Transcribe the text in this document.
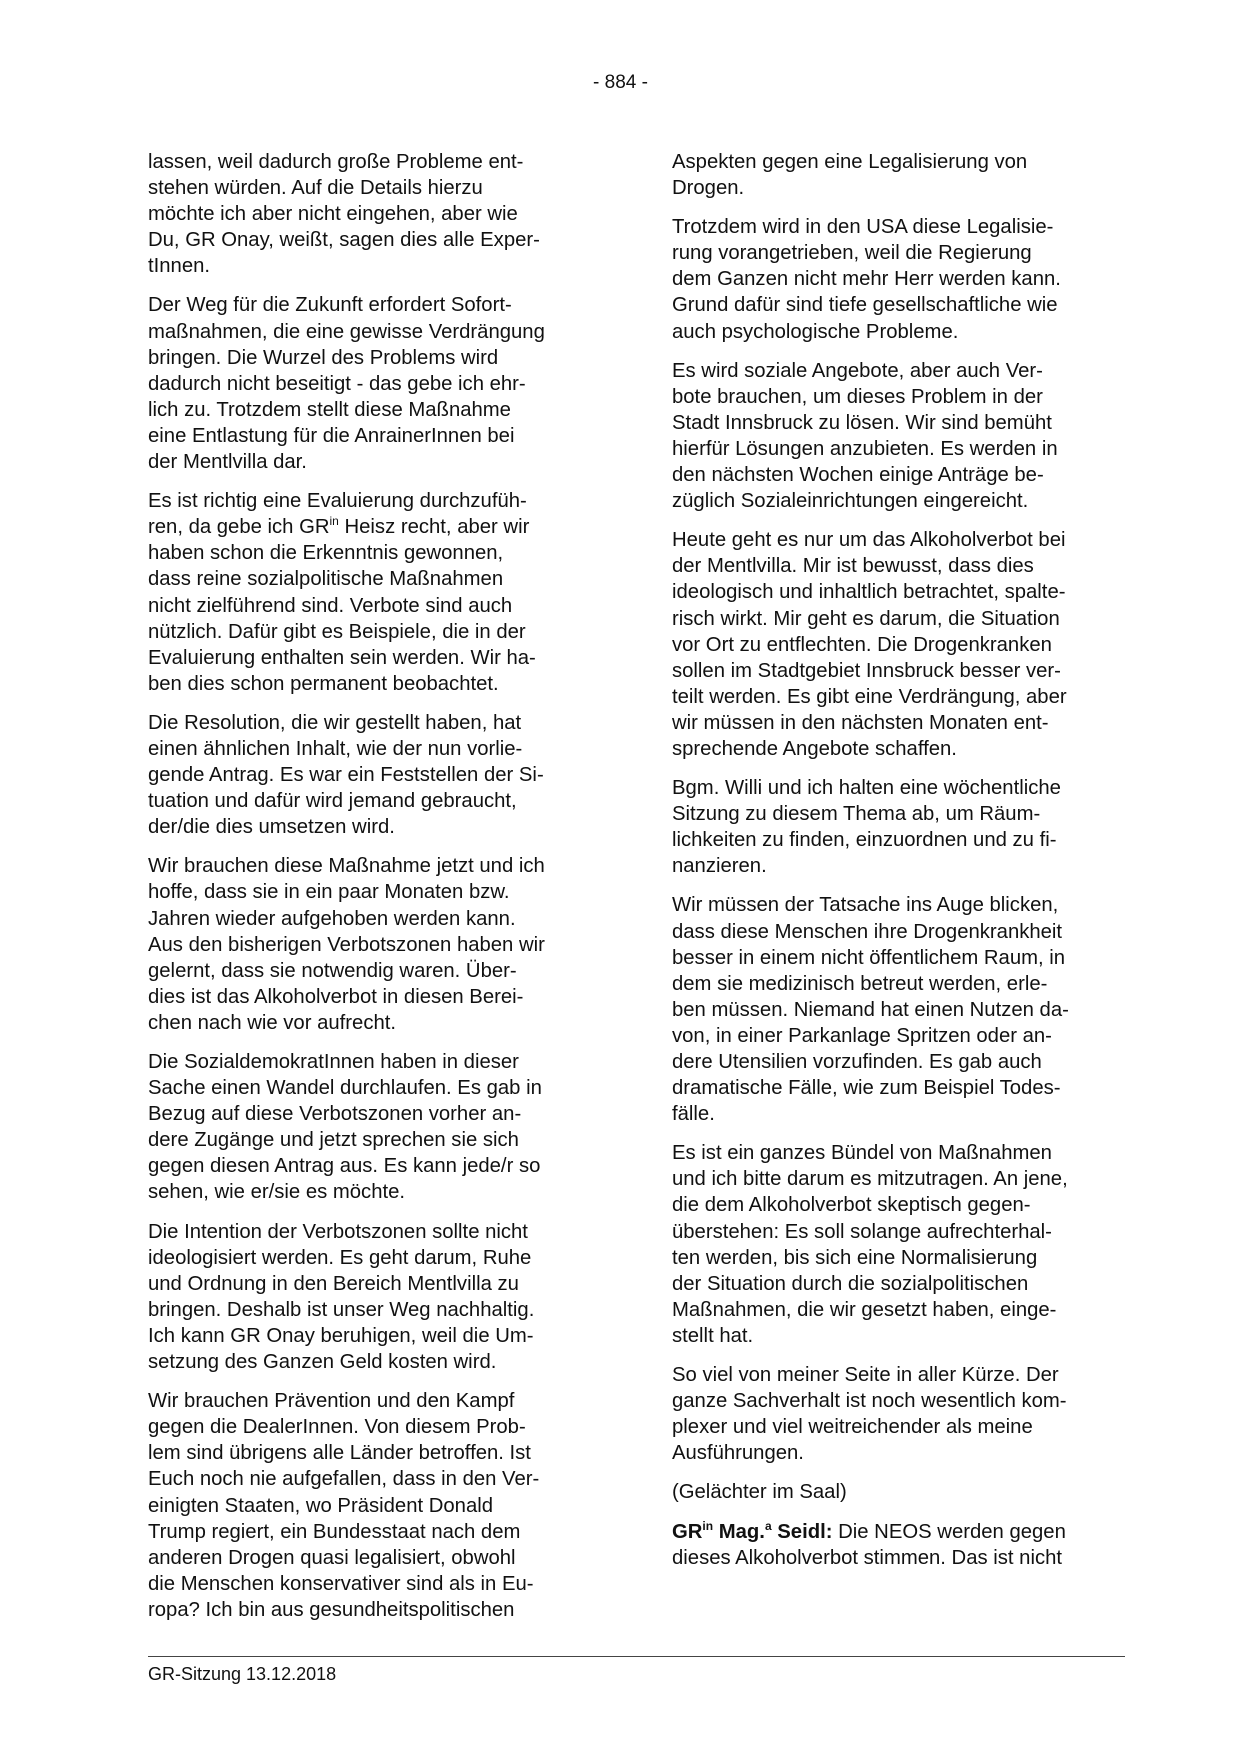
- 884 -

lassen, weil dadurch große Probleme ent-
stehen würden. Auf die Details hierzu
möchte ich aber nicht eingehen, aber wie
Du, GR Onay, weißt, sagen dies alle Exper-
tInnen.

Der Weg für die Zukunft erfordert Sofort-
maßnahmen, die eine gewisse Verdrängung
bringen. Die Wurzel des Problems wird
dadurch nicht beseitigt - das gebe ich ehr-
lich zu. Trotzdem stellt diese Maßnahme
eine Entlastung für die AnrainerInnen bei
der Mentlvilla dar.

Es ist richtig eine Evaluierung durchzufüh-
ren, da gebe ich $GR^{in}$ Heisz recht, aber wir
haben schon die Erkenntnis gewonnen,
dass reine sozialpolitische Maßnahmen
nicht zielführend sind. Verbote sind auch
nützlich. Dafür gibt es Beispiele, die in der
Evaluierung enthalten sein werden. Wir ha-
ben dies schon permanent beobachtet.

Die Resolution, die wir gestellt haben, hat
einen ähnlichen Inhalt, wie der nun vorlie-
gende Antrag. Es war ein Feststellen der Si-
tuation und dafür wird jemand gebraucht,
der/die dies umsetzen wird.

Wir brauchen diese Maßnahme jetzt und ich
hoffe, dass sie in ein paar Monaten bzw.
Jahren wieder aufgehoben werden kann.
Aus den bisherigen Verbotszonen haben wir
gelernt, dass sie notwendig waren. Über-
dies ist das Alkoholverbot in diesen Berei-
chen nach wie vor aufrecht.

Die SozialdemokratInnen haben in dieser
Sache einen Wandel durchlaufen. Es gab in
Bezug auf diese Verbotszonen vorher an-
dere Zugänge und jetzt sprechen sie sich
gegen diesen Antrag aus. Es kann jede/r so
sehen, wie er/sie es möchte.

Die Intention der Verbotszonen sollte nicht
ideologisiert werden. Es geht darum, Ruhe
und Ordnung in den Bereich Mentlvilla zu
bringen. Deshalb ist unser Weg nachhaltig.
Ich kann GR Onay beruhigen, weil die Um-
setzung des Ganzen Geld kosten wird.

Wir brauchen Prävention und den Kampf
gegen die DealerInnen. Von diesem Prob-
lem sind übrigens alle Länder betroffen. Ist
Euch noch nie aufgefallen, dass in den Ver-
einigten Staaten, wo Präsident Donald
Trump regiert, ein Bundesstaat nach dem
anderen Drogen quasi legalisiert, obwohl
die Menschen konservativer sind als in Eu-
ropa? Ich bin aus gesundheitspolitischen

Aspekten gegen eine Legalisierung von
Drogen.

Trotzdem wird in den USA diese Legalisie-
rung vorangetrieben, weil die Regierung
dem Ganzen nicht mehr Herr werden kann.
Grund dafür sind tiefe gesellschaftliche wie
auch psychologische Probleme.

Es wird soziale Angebote, aber auch Ver-
bote brauchen, um dieses Problem in der
Stadt Innsbruck zu lösen. Wir sind bemüht
hierfür Lösungen anzubieten. Es werden in
den nächsten Wochen einige Anträge be-
züglich Sozialeinrichtungen eingereicht.

Heute geht es nur um das Alkoholverbot bei
der Mentlvilla. Mir ist bewusst, dass dies
ideologisch und inhaltlich betrachtet, spalte-
risch wirkt. Mir geht es darum, die Situation
vor Ort zu entflechten. Die Drogenkranken
sollen im Stadtgebiet Innsbruck besser ver-
teilt werden. Es gibt eine Verdrängung, aber
wir müssen in den nächsten Monaten ent-
sprechende Angebote schaffen.

Bgm. Willi und ich halten eine wöchentliche
Sitzung zu diesem Thema ab, um Räum-
lichkeiten zu finden, einzuordnen und zu fi-
nanzieren.

Wir müssen der Tatsache ins Auge blicken,
dass diese Menschen ihre Drogenkrankheit
besser in einem nicht öffentlichem Raum, in
dem sie medizinisch betreut werden, erle-
ben müssen. Niemand hat einen Nutzen da-
von, in einer Parkanlage Spritzen oder an-
dere Utensilien vorzufinden. Es gab auch
dramatische Fälle, wie zum Beispiel Todes-
fälle.

Es ist ein ganzes Bündel von Maßnahmen
und ich bitte darum es mitzutragen. An jene,
die dem Alkoholverbot skeptisch gegen-
überstehen: Es soll solange aufrechterhal-
ten werden, bis sich eine Normalisierung
der Situation durch die sozialpolitischen
Maßnahmen, die wir gesetzt haben, einge-
stellt hat.

So viel von meiner Seite in aller Kürze. Der
ganze Sachverhalt ist noch wesentlich kom-
plexer und viel weitreichender als meine
Ausführungen.

(Gelächter im Saal)

$GR^{in}$ Mag.$^a$ Seidl: Die NEOS werden gegen
dieses Alkoholverbot stimmen. Das ist nicht

GR-Sitzung 13.12.2018
